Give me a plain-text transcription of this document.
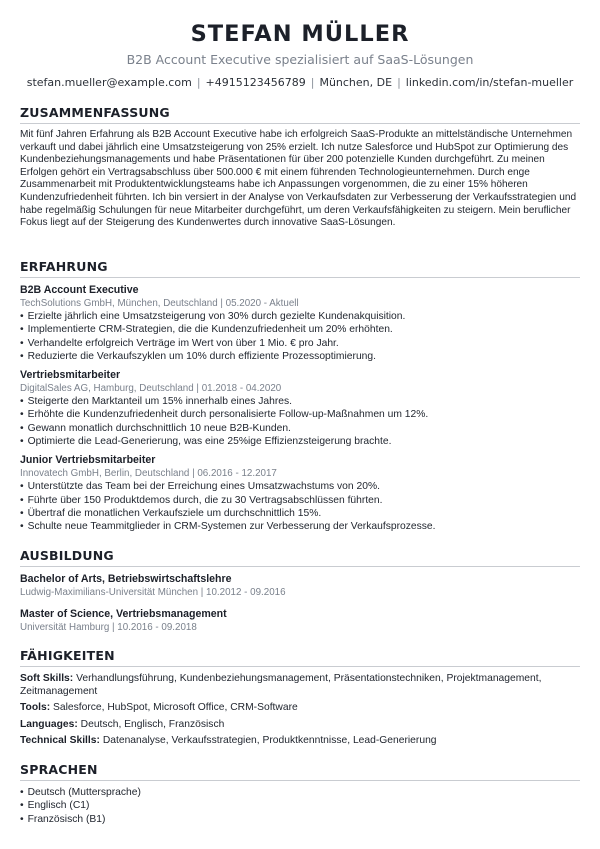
STEFAN MÜLLER
B2B Account Executive spezialisiert auf SaaS-Lösungen
stefan.mueller@example.com | +4915123456789 | München, DE | linkedin.com/in/stefan-mueller
ZUSAMMENFASSUNG
Mit fünf Jahren Erfahrung als B2B Account Executive habe ich erfolgreich SaaS-Produkte an mittelständische Unternehmen verkauft und dabei jährlich eine Umsatzsteigerung von 25% erzielt. Ich nutze Salesforce und HubSpot zur Optimierung des Kundenbeziehungsmanagements und habe Präsentationen für über 200 potenzielle Kunden durchgeführt. Zu meinen Erfolgen gehört ein Vertragsabschluss über 500.000 € mit einem führenden Technologieunternehmen. Durch enge Zusammenarbeit mit Produktentwicklungsteams habe ich Anpassungen vorgenommen, die zu einer 15% höheren Kundenzufriedenheit führten. Ich bin versiert in der Analyse von Verkaufsdaten zur Verbesserung der Verkaufsstrategien und habe regelmäßig Schulungen für neue Mitarbeiter durchgeführt, um deren Verkaufsfähigkeiten zu steigern. Mein beruflicher Fokus liegt auf der Steigerung des Kundenwertes durch innovative SaaS-Lösungen.
ERFAHRUNG
B2B Account Executive
TechSolutions GmbH, München, Deutschland | 05.2020 - Aktuell
• Erzielte jährlich eine Umsatzsteigerung von 30% durch gezielte Kundenakquisition.
• Implementierte CRM-Strategien, die die Kundenzufriedenheit um 20% erhöhten.
• Verhandelte erfolgreich Verträge im Wert von über 1 Mio. € pro Jahr.
• Reduzierte die Verkaufszyklen um 10% durch effiziente Prozessoptimierung.
Vertriebsmitarbeiter
DigitalSales AG, Hamburg, Deutschland | 01.2018 - 04.2020
• Steigerte den Marktanteil um 15% innerhalb eines Jahres.
• Erhöhte die Kundenzufriedenheit durch personalisierte Follow-up-Maßnahmen um 12%.
• Gewann monatlich durchschnittlich 10 neue B2B-Kunden.
• Optimierte die Lead-Generierung, was eine 25%ige Effizienzsteigerung brachte.
Junior Vertriebsmitarbeiter
Innovatech GmbH, Berlin, Deutschland | 06.2016 - 12.2017
• Unterstützte das Team bei der Erreichung eines Umsatzwachstums von 20%.
• Führte über 150 Produktdemos durch, die zu 30 Vertragsabschlüssen führten.
• Übertraf die monatlichen Verkaufsziele um durchschnittlich 15%.
• Schulte neue Teammitglieder in CRM-Systemen zur Verbesserung der Verkaufsprozesse.
AUSBILDUNG
Bachelor of Arts, Betriebswirtschaftslehre
Ludwig-Maximilians-Universität München | 10.2012 - 09.2016
Master of Science, Vertriebsmanagement
Universität Hamburg | 10.2016 - 09.2018
FÄHIGKEITEN
Soft Skills: Verhandlungsführung, Kundenbeziehungsmanagement, Präsentationstechniken, Projektmanagement, Zeitmanagement
Tools: Salesforce, HubSpot, Microsoft Office, CRM-Software
Languages: Deutsch, Englisch, Französisch
Technical Skills: Datenanalyse, Verkaufsstrategien, Produktkenntnisse, Lead-Generierung
SPRACHEN
• Deutsch (Muttersprache)
• Englisch (C1)
• Französisch (B1)
